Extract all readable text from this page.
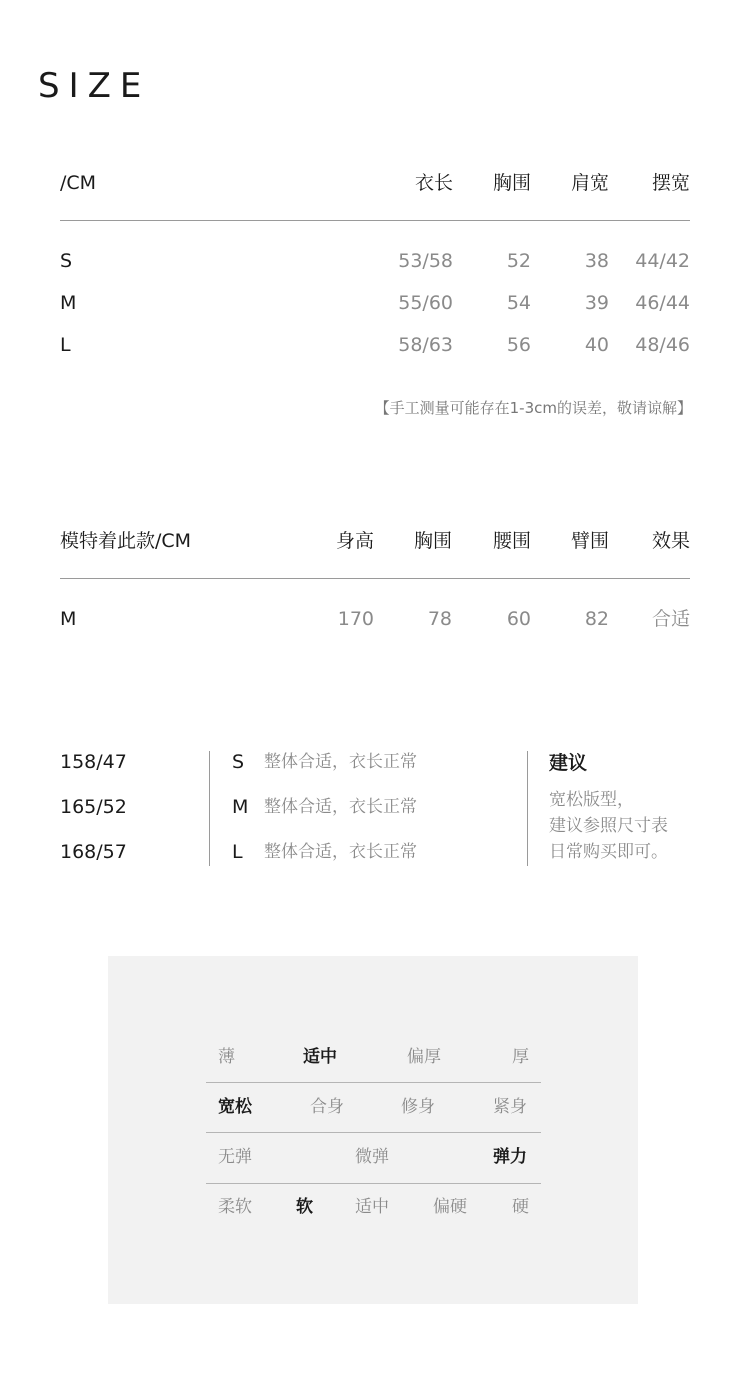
SIZE
/CM	衣长 胸围 肩宽 摆宽
S	53/58	52	38 44/42
M	55/60	54	39 46/44
L	58/63	56	40 48/46
【手工测量可能存在1-3cm的误差，敬请谅解】
模特着此款/CM	身高 胸围 腰围 臂围 效果
M	170	78	60	82 合适
158/47	S 整体合适，衣长正常
165/52	M 整体合适，衣长正常
168/57	L 整体合适，衣长正常
建议
宽松版型，
建议参照尺寸表
日常购买即可。
薄	适中	偏厚	厚
宽松	合身	修身	紧身
无弹	微弹	弹力
柔软	软 适中	偏硬	硬
